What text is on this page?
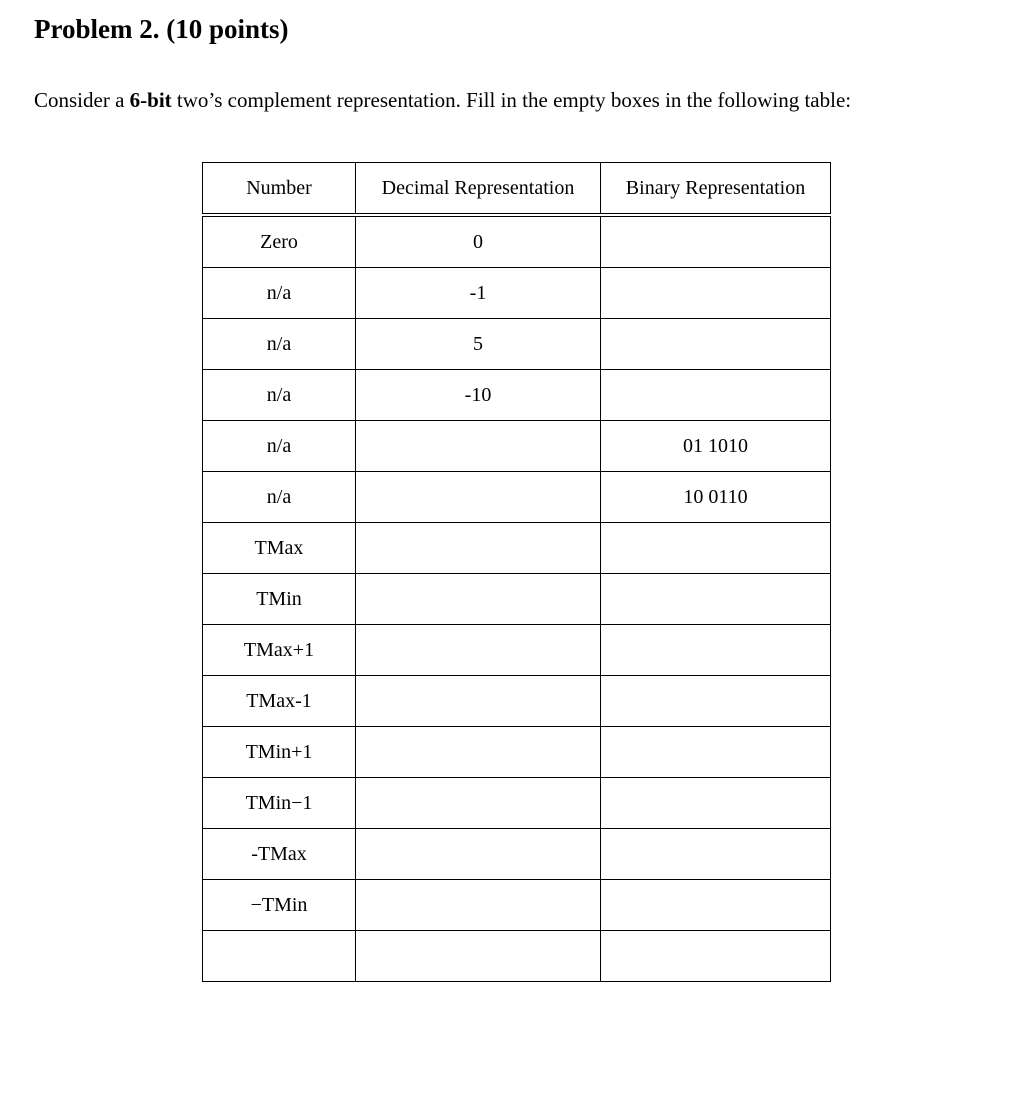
Problem 2. (10 points)

Consider a 6-bit two’s complement representation. Fill in the empty boxes in the following table:

Number	Decimal Representation	Binary Representation
Zero	0	
n/a	-1	
n/a	5	
n/a	-10	
n/a		01 1010
n/a		10 0110
TMax		
TMin		
TMax+1		
TMax-1		
TMin+1		
TMin−1		
-TMax		
−TMin		
